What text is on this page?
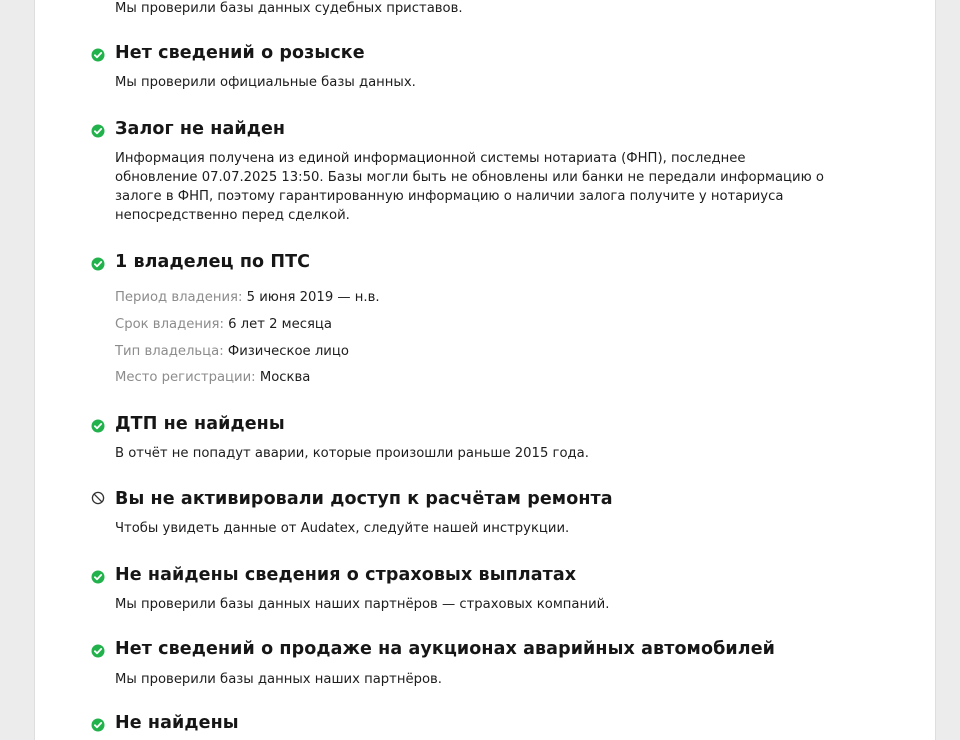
Мы проверили базы данных судебных приставов.
Нет сведений о розыске
Мы проверили официальные базы данных.
Залог не найден
Информация получена из единой информационной системы нотариата (ФНП), последнее
обновление 07.07.2025 13:50. Базы могли быть не обновлены или банки не передали информацию о
залоге в ФНП, поэтому гарантированную информацию о наличии залога получите у нотариуса
непосредственно перед сделкой.
1 владелец по ПТС
Период владения: 5 июня 2019 — н.в.
Срок владения: 6 лет 2 месяца
Тип владельца: Физическое лицо
Место регистрации: Москва
ДТП не найдены
В отчёт не попадут аварии, которые произошли раньше 2015 года.
Вы не активировали доступ к расчётам ремонта
Чтобы увидеть данные от Audatex, следуйте нашей инструкции.
Не найдены сведения о страховых выплатах
Мы проверили базы данных наших партнёров — страховых компаний.
Нет сведений о продаже на аукционах аварийных автомобилей
Мы проверили базы данных наших партнёров.
Не найдены
